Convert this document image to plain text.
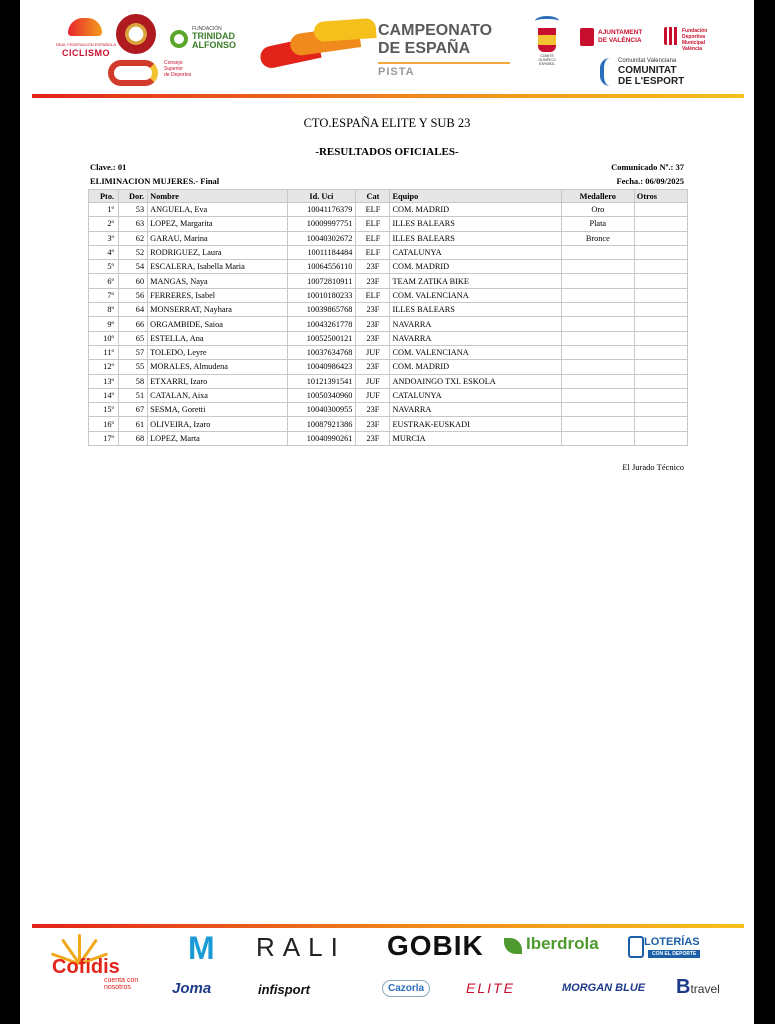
REAL FEDERACIÓN ESPAÑOLA
CICLISMO
FUNDACIÓN
TRINIDAD
ALFONSO
Consejo
Superior
de Deportes
CAMPEONATO
DE ESPAÑA
PISTA
COMITÉ OLÍMPICO ESPAÑOL
AJUNTAMENT
DE VALÈNCIA
Fundación
Deportiva
Municipal
València
Comunitat Valenciana
COMUNITAT
DE L'ESPORT
CTO.ESPAÑA ELITE Y SUB 23
-RESULTADOS OFICIALES-
Clave.: 01	Comunicado Nº.: 37
ELIMINACION MUJERES.- Final	Fecha.: 06/09/2025
Pto.	Dor.	Nombre	Id. Uci	Cat	Equipo	Medallero	Otros
1º	53	ANGUELA, Eva	10041176379	ELF	COM. MADRID	Oro	
2º	63	LOPEZ, Margarita	10009997751	ELF	ILLES BALEARS	Plata	
3º	62	GARAU, Marina	10040302672	ELF	ILLES BALEARS	Bronce	
4º	52	RODRIGUEZ, Laura	10011184484	ELF	CATALUNYA		
5º	54	ESCALERA, Isabella Maria	10064556110	23F	COM. MADRID		
6º	60	MANGAS, Naya	10072810911	23F	TEAM ZATIKA BIKE		
7º	56	FERRERES, Isabel	10010180233	ELF	COM. VALENCIANA		
8º	64	MONSERRAT, Nayhara	10039865768	23F	ILLES BALEARS		
9º	66	ORGAMBIDE, Saioa	10043261778	23F	NAVARRA		
10º	65	ESTELLA, Ana	10052500121	23F	NAVARRA		
11º	57	TOLEDO, Leyre	10037634768	JUF	COM. VALENCIANA		
12º	55	MORALES, Almudena	10040986423	23F	COM. MADRID		
13º	58	ETXARRI, Izaro	10121391541	JUF	ANDOAINGO TXI. ESKOLA		
14º	51	CATALAN, Aixa	10050340960	JUF	CATALUNYA		
15º	67	SESMA, Goretti	10040300955	23F	NAVARRA		
16º	61	OLIVEIRA, Izaro	10087921386	23F	EUSTRAK-EUSKADI		
17º	68	LOPEZ, Marta	10040990261	23F	MURCIA		
El Jurado Técnico
Cofidis
cuenta con
nosotros
M RALI GOBIK Iberdrola	LOTERÍAS
CON EL DEPORTE
Joma	infisport	Cazorla	ELITE	MORGAN BLUE Btravel
